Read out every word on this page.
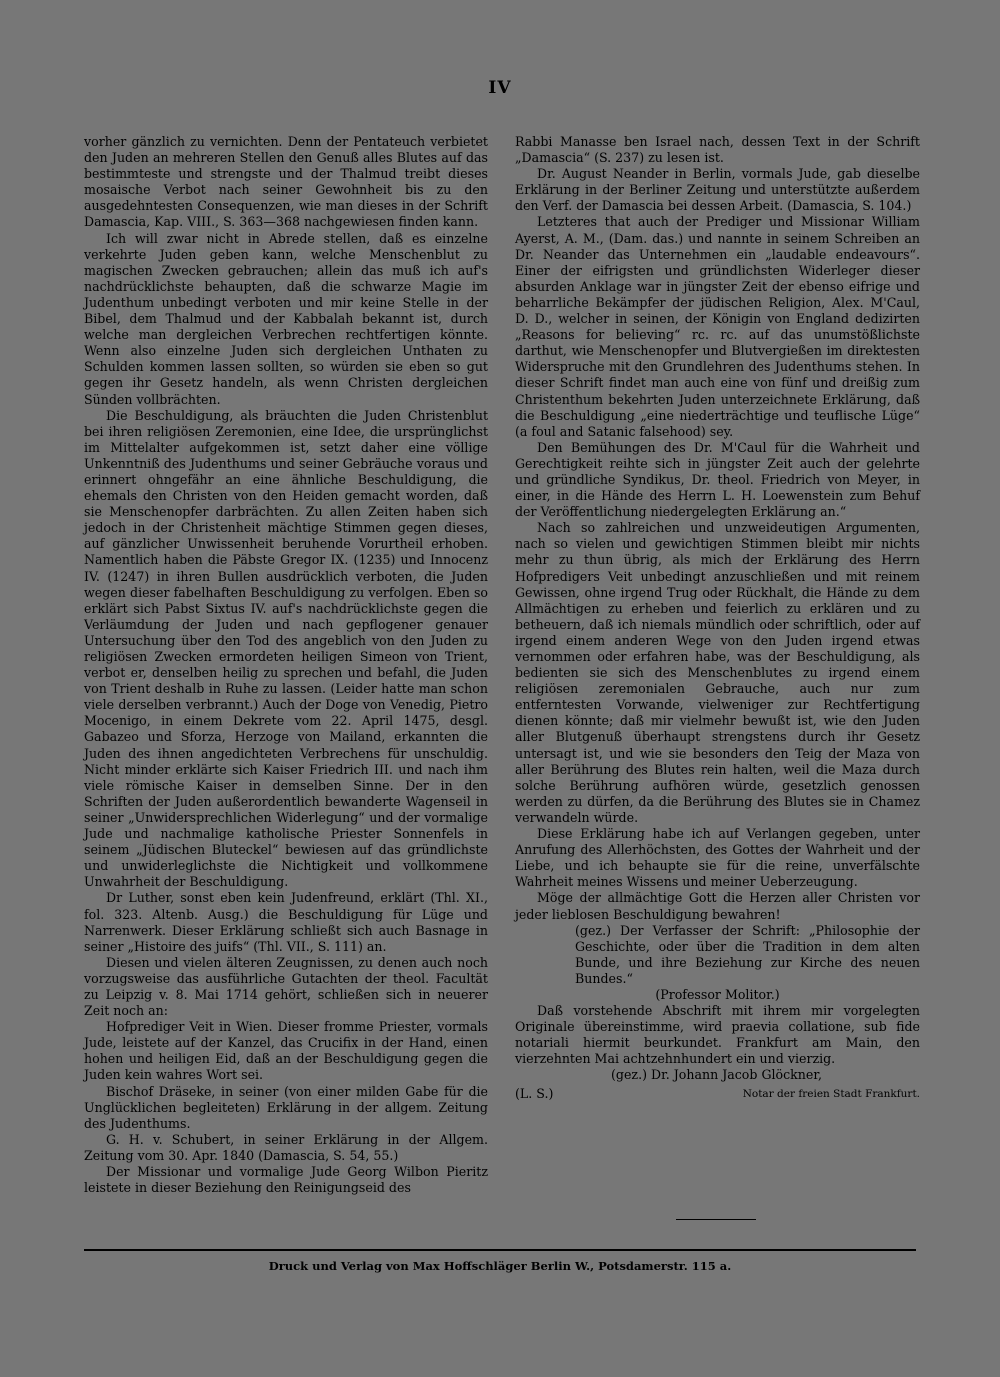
IV

vorher gänzlich zu vernichten. Denn der Pentateuch verbietet den Juden an mehreren Stellen den Genuß alles Blutes auf das bestimmteste und strengste und der Thalmud treibt dieses mosaische Verbot nach seiner Gewohnheit bis zu den ausgedehntesten Consequenzen, wie man dieses in der Schrift Damascia, Kap. VIII., S. 363—368 nachgewiesen finden kann.

Ich will zwar nicht in Abrede stellen, daß es einzelne verkehrte Juden geben kann, welche Menschenblut zu magischen Zwecken gebrauchen; allein das muß ich auf's nachdrücklichste behaupten, daß die schwarze Magie im Judenthum unbedingt verboten und mir keine Stelle in der Bibel, dem Thalmud und der Kabbalah bekannt ist, durch welche man dergleichen Verbrechen rechtfertigen könnte. Wenn also einzelne Juden sich dergleichen Unthaten zu Schulden kommen lassen sollten, so würden sie eben so gut gegen ihr Gesetz handeln, als wenn Christen dergleichen Sünden vollbrächten.

Die Beschuldigung, als bräuchten die Juden Christenblut bei ihren religiösen Zeremonien, eine Idee, die ursprünglichst im Mittelalter aufgekommen ist, setzt daher eine völlige Unkenntniß des Judenthums und seiner Gebräuche voraus und erinnert ohngefähr an eine ähnliche Beschuldigung, die ehemals den Christen von den Heiden gemacht worden, daß sie Menschenopfer darbrächten. Zu allen Zeiten haben sich jedoch in der Christenheit mächtige Stimmen gegen dieses, auf gänzlicher Unwissenheit beruhende Vorurtheil erhoben. Namentlich haben die Päbste Gregor IX. (1235) und Innocenz IV. (1247) in ihren Bullen ausdrücklich verboten, die Juden wegen dieser fabelhaften Beschuldigung zu verfolgen. Eben so erklärt sich Pabst Sixtus IV. auf's nachdrücklichste gegen die Verläumdung der Juden und nach gepflogener genauer Untersuchung über den Tod des angeblich von den Juden zu religiösen Zwecken ermordeten heiligen Simeon von Trient, verbot er, denselben heilig zu sprechen und befahl, die Juden von Trient deshalb in Ruhe zu lassen. (Leider hatte man schon viele derselben verbrannt.) Auch der Doge von Venedig, Pietro Mocenigo, in einem Dekrete vom 22. April 1475, desgl. Gabazeo und Sforza, Herzoge von Mailand, erkannten die Juden des ihnen angedichteten Verbrechens für unschuldig. Nicht minder erklärte sich Kaiser Friedrich III. und nach ihm viele römische Kaiser in demselben Sinne. Der in den Schriften der Juden außerordentlich bewanderte Wagenseil in seiner „Unwidersprechlichen Widerlegung“ und der vormalige Jude und nachmalige katholische Priester Sonnenfels in seinem „Jüdischen Bluteckel“ bewiesen auf das gründlichste und unwiderleglichste die Nichtigkeit und vollkommene Unwahrheit der Beschuldigung.

Dr Luther, sonst eben kein Judenfreund, erklärt (Thl. XI., fol. 323. Altenb. Ausg.) die Beschuldigung für Lüge und Narrenwerk. Dieser Erklärung schließt sich auch Basnage in seiner „Histoire des juifs“ (Thl. VII., S. 111) an.

Diesen und vielen älteren Zeugnissen, zu denen auch noch vorzugsweise das ausführliche Gutachten der theol. Facultät zu Leipzig v. 8. Mai 1714 gehört, schließen sich in neuerer Zeit noch an:

Hofprediger Veit in Wien. Dieser fromme Priester, vormals Jude, leistete auf der Kanzel, das Crucifix in der Hand, einen hohen und heiligen Eid, daß an der Beschuldigung gegen die Juden kein wahres Wort sei.

Bischof Dräseke, in seiner (von einer milden Gabe für die Unglücklichen begleiteten) Erklärung in der allgem. Zeitung des Judenthums.

G. H. v. Schubert, in seiner Erklärung in der Allgem. Zeitung vom 30. Apr. 1840 (Damascia, S. 54, 55.)

Der Missionar und vormalige Jude Georg Wilbon Pieritz leistete in dieser Beziehung den Reinigungseid des

Rabbi Manasse ben Israel nach, dessen Text in der Schrift „Damascia“ (S. 237) zu lesen ist.

Dr. August Neander in Berlin, vormals Jude, gab dieselbe Erklärung in der Berliner Zeitung und unterstützte außerdem den Verf. der Damascia bei dessen Arbeit. (Damascia, S. 104.)

Letzteres that auch der Prediger und Missionar William Ayerst, A. M., (Dam. das.) und nannte in seinem Schreiben an Dr. Neander das Unternehmen ein „laudable endeavours“. Einer der eifrigsten und gründlichsten Widerleger dieser absurden Anklage war in jüngster Zeit der ebenso eifrige und beharrliche Bekämpfer der jüdischen Religion, Alex. M'Caul, D. D., welcher in seinen, der Königin von England dedizirten „Reasons for believing“ rc. rc. auf das unumstößlichste darthut, wie Menschenopfer und Blutvergießen im direktesten Widerspruche mit den Grundlehren des Judenthums stehen. In dieser Schrift findet man auch eine von fünf und dreißig zum Christenthum bekehrten Juden unterzeichnete Erklärung, daß die Beschuldigung „eine niederträchtige und teuflische Lüge“ (a foul and Satanic falsehood) sey.

Den Bemühungen des Dr. M'Caul für die Wahrheit und Gerechtigkeit reihte sich in jüngster Zeit auch der gelehrte und gründliche Syndikus, Dr. theol. Friedrich von Meyer, in einer, in die Hände des Herrn L. H. Loewenstein zum Behuf der Veröffentlichung niedergelegten Erklärung an.“

Nach so zahlreichen und unzweideutigen Argumenten, nach so vielen und gewichtigen Stimmen bleibt mir nichts mehr zu thun übrig, als mich der Erklärung des Herrn Hofpredigers Veit unbedingt anzuschließen und mit reinem Gewissen, ohne irgend Trug oder Rückhalt, die Hände zu dem Allmächtigen zu erheben und feierlich zu erklären und zu betheuern, daß ich niemals mündlich oder schriftlich, oder auf irgend einem anderen Wege von den Juden irgend etwas vernommen oder erfahren habe, was der Beschuldigung, als bedienten sie sich des Menschenblutes zu irgend einem religiösen zeremonialen Gebrauche, auch nur zum entferntesten Vorwande, vielweniger zur Rechtfertigung dienen könnte; daß mir vielmehr bewußt ist, wie den Juden aller Blutgenuß überhaupt strengstens durch ihr Gesetz untersagt ist, und wie sie besonders den Teig der Maza von aller Berührung des Blutes rein halten, weil die Maza durch solche Berührung aufhören würde, gesetzlich genossen werden zu dürfen, da die Berührung des Blutes sie in Chamez verwandeln würde.

Diese Erklärung habe ich auf Verlangen gegeben, unter Anrufung des Allerhöchsten, des Gottes der Wahrheit und der Liebe, und ich behaupte sie für die reine, unverfälschte Wahrheit meines Wissens und meiner Ueberzeugung.

Möge der allmächtige Gott die Herzen aller Christen vor jeder lieblosen Beschuldigung bewahren!

(gez.) Der Verfasser der Schrift: „Philosophie der Geschichte, oder über die Tradition in dem alten Bunde, und ihre Beziehung zur Kirche des neuen Bundes.“

(Professor Molitor.)

Daß vorstehende Abschrift mit ihrem mir vorgelegten Originale übereinstimme, wird praevia collatione, sub fide notariali hiermit beurkundet. Frankfurt am Main, den vierzehnten Mai achtzehnhundert ein und vierzig.

(gez.) Dr. Johann Jacob Glöckner,

(L. S.)	Notar der freien Stadt Frankfurt.
Druck und Verlag von Max Hoffschläger Berlin W., Potsdamerstr. 115 a.
